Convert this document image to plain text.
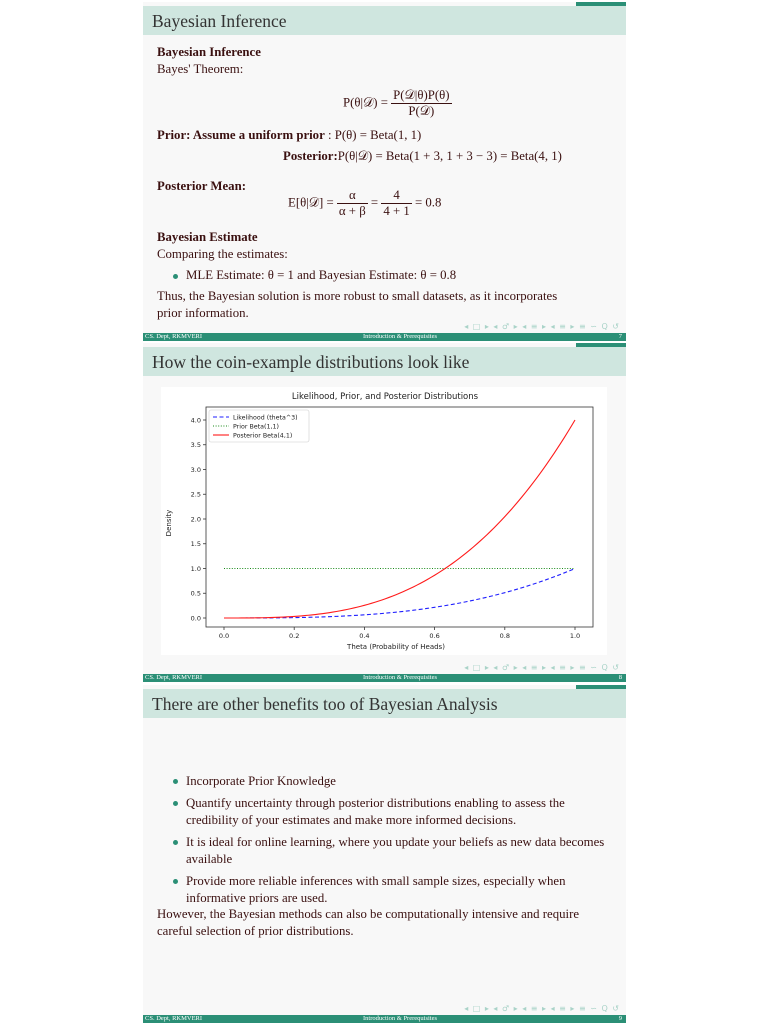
Bayesian Inference
Bayesian Inference
Bayes' Theorem:
P(θ|𝒟) = $\frac{\text{P(𝒟|θ)P(θ)}}{\text{P(𝒟)}}$
Prior: Assume a uniform prior : P(θ) = Beta(1, 1)
Posterior:P(θ|𝒟) = Beta(1 + 3, 1 + 3 − 3) = Beta(4, 1)
Posterior Mean:
E[θ|𝒟] = $\frac{\alpha}{\alpha + \beta} = \frac{4}{4 + 1} = 0.8$
Bayesian Estimate
Comparing the estimates:
MLE Estimate: θ = 1 and Bayesian Estimate: θ = 0.8
Thus, the Bayesian solution is more robust to small datasets, as it incorporates
prior information.
◂ □ ▸ ◂ ♂ ▸ ◂ ≡ ▸ ◂ ≡ ▸ ≡ ∽ Q ↺
CS. Dept, RKMVERI	Introduction & Prerequisites	7
How the coin-example distributions look like
Likelihood, Prior, and Posterior Distributions
0.0	0.2	0.4	0.6	0.8	1.0
0.0
0.5
1.0
1.5
2.0
2.5
3.0
3.5
4.0	Likelihood (theta^3)
Prior Beta(1,1)
Posterior Beta(4,1)
Theta (Probability of Heads)
Density
◂ □ ▸ ◂ ♂ ▸ ◂ ≡ ▸ ◂ ≡ ▸ ≡ ∽ Q ↺
CS. Dept, RKMVERI	Introduction & Prerequisites	8
There are other benefits too of Bayesian Analysis
Incorporate Prior Knowledge
Quantify uncertainty through posterior distributions enabling to assess the credibility of your estimates and make more informed decisions.
It is ideal for online learning, where you update your beliefs as new data becomes available
Provide more reliable inferences with small sample sizes, especially when informative priors are used.
However, the Bayesian methods can also be computationally intensive and require careful selection of prior distributions.
◂ □ ▸ ◂ ♂ ▸ ◂ ≡ ▸ ◂ ≡ ▸ ≡ ∽ Q ↺
CS. Dept, RKMVERI	Introduction & Prerequisites	9
